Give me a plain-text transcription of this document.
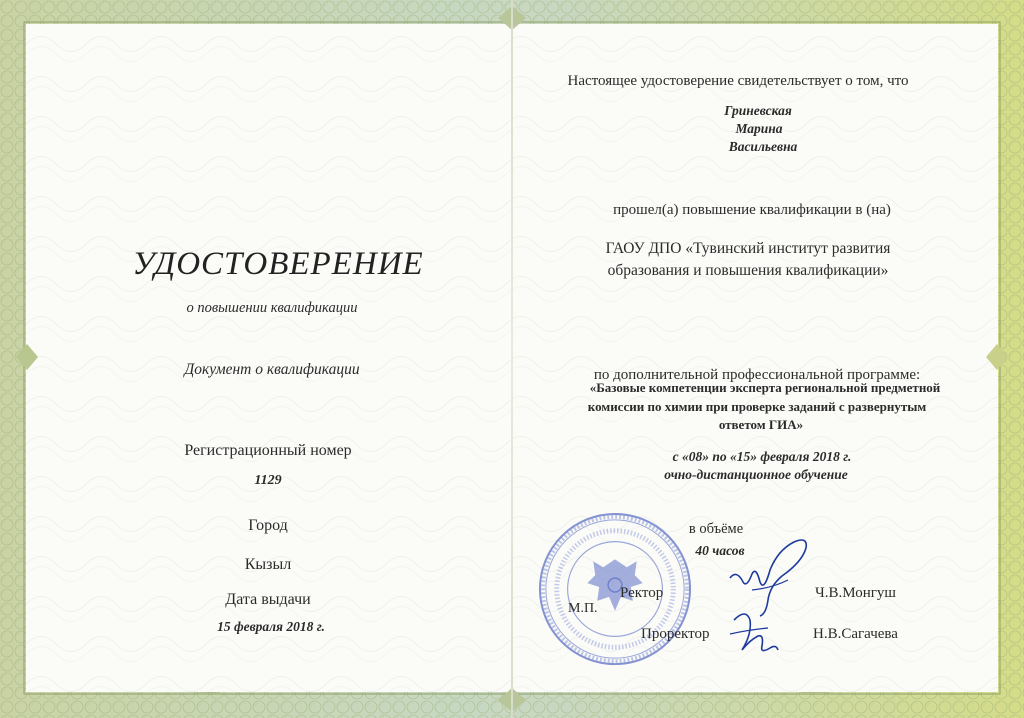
УДОСТОВЕРЕНИЕ
о повышении квалификации
Документ о квалификации
Регистрационный номер
1129
Город
Кызыл
Дата выдачи
15 февраля 2018 г.
Настоящее удостоверение свидетельствует о том, что
Гриневская
Марина
Васильевна
прошел(а) повышение квалификации в (на)
ГАОУ ДПО «Тувинский институт развития
образования и повышения квалификации»
по дополнительной профессиональной программе:
«Базовые компетенции эксперта региональной предметной
комиссии по химии при проверке заданий с развернутым
ответом ГИА»
с «08» по «15» февраля 2018 г.
очно-дистанционное обучение
в объёме
40 часов
М.П.
Ректор	Ч.В.Монгуш
Проректор	Н.В.Сагачева
